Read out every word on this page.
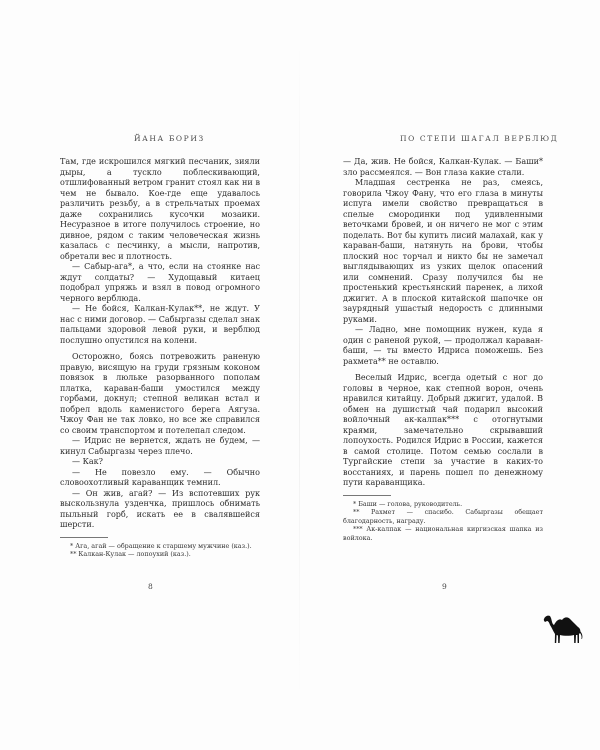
ЙАНА БОРИЗ

Там, где искрошился мягкий песчаник, зияли дыры, а тускло поблескивающий, отшлифованный ветром гранит стоял как ни в чем не бывало. Кое-где еще удавалось различить резьбу, а в стрельчатых проемах даже сохранились кусочки мозаики. Несуразное в итоге получилось строение, но дивное, рядом с таким человеческая жизнь казалась с песчинку, а мысли, напротив, обретали вес и плотность.

— Сабыр-ага*, а что, если на стоянке нас ждут солдаты? — Худощавый китаец подобрал упряжь и взял в повод огромного черного верблюда.

— Не бойся, Калкан-Кулак**, не ждут. У нас с ними договор. — Сабыргазы сделал знак пальцами здоровой левой руки, и верблюд послушно опустился на колени.

Осторожно, боясь потревожить раненую правую, висящую на груди грязным коконом повязок в люльке разорванного пополам платка, караван-баши умостился между горбами, докнул; степной великан встал и побрел вдоль каменистого берега Аягуза. Чжоу Фан не так ловко, но все же справился со своим транспортом и потелепал следом.

— Идрис не вернется, ждать не будем, — кинул Сабыргазы через плечо.

— Как?

— Не повезло ему. — Обычно словоохотливый караванщик темнил.

— Он жив, агай? — Из вспотевших рук выскользнула узденчка, пришлось обнимать пыльный горб, искать ее в свалявшейся шерсти.

* Ага, агай — обращение к старшему мужчине (каз.).

** Калкан-Кулак — лопоухий (каз.).

8
ПО СТЕПИ ШАГАЛ ВЕРБЛЮД

— Да, жив. Не бойся, Калкан-Кулак. — Баши* зло рассмеялся. — Вон глаза какие стали.

Младшая сестренка не раз, смеясь, говорила Чжоу Фану, что его глаза в минуты испуга имели свойство превращаться в спелые смородинки под удивленными веточками бровей, и он ничего не мог с этим поделать. Вот бы купить лисий малахай, как у караван-баши, натянуть на брови, чтобы плоский нос торчал и никто бы не замечал выглядывающих из узких щелок опасений или сомнений. Сразу получился бы не простенький крестьянский паренек, а лихой джигит. А в плоской китайской шапочке он заурядный ушастый недорость с длинными руками.

— Ладно, мне помощник нужен, куда я один с раненой рукой, — продолжал караван-баши, — ты вместо Идриса поможешь. Без рахмета** не оставлю.

Веселый Идрис, всегда одетый с ног до головы в черное, как степной ворон, очень нравился китайцу. Добрый джигит, удалой. В обмен на душистый чай подарил высокий войлочный ак-калпак*** с отогнутыми краями, замечательно скрывавший лопоухость. Родился Идрис в России, кажется в самой столице. Потом семью сослали в Тургайские степи за участие в каких-то восстаниях, и парень пошел по денежному пути караванщика.

* Баши — голова, руководитель.

** Рахмет — спасибо. Сабыргазы обещает благодарность, награду.

*** Ак-калпак — национальная киргизская шапка из войлока.

9
